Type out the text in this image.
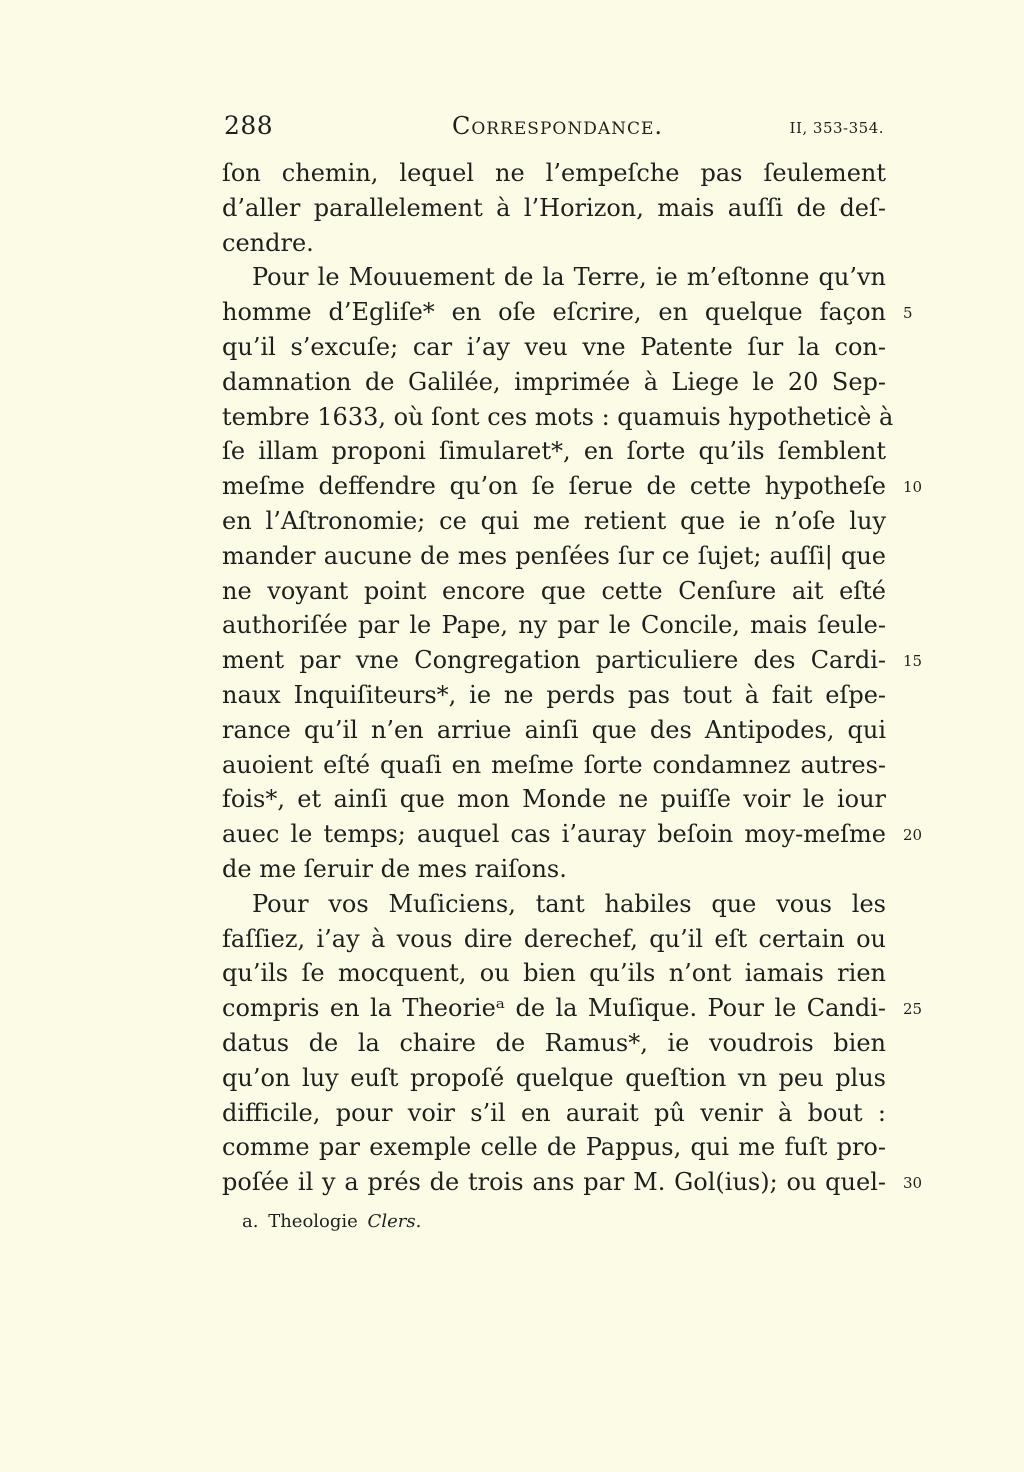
288	Correspondance.	II, 353-354.
ſon chemin, lequel ne l’empeſche pas ſeulement
d’aller parallelement à l’Horizon, mais auſſi de deſ-
cendre.
Pour le Mouuement de la Terre, ie m’eſtonne qu’vn
homme d’Egliſe* en oſe eſcrire, en quelque façon
qu’il s’excuſe; car i’ay veu vne Patente ſur la con-
damnation de Galilée, imprimée à Liege le 20 Sep-
tembre 1633, où ſont ces mots : quamuis hypotheticè à
ſe illam proponi ſimularet*, en ſorte qu’ils ſemblent
meſme deffendre qu’on ſe ſerue de cette hypotheſe
en l’Aſtronomie; ce qui me retient que ie n’oſe luy
mander aucune de mes penſées ſur ce ſujet; auſſi| que
ne voyant point encore que cette Cenſure ait eſté
authoriſée par le Pape, ny par le Concile, mais ſeule-
ment par vne Congregation particuliere des Cardi-
naux Inquiſiteurs*, ie ne perds pas tout à fait eſpe-
rance qu’il n’en arriue ainſi que des Antipodes, qui
auoient eſté quaſi en meſme ſorte condamnez autres-
fois*, et ainſi que mon Monde ne puiſſe voir le iour
auec le temps; auquel cas i’auray beſoin moy-meſme
de me ſeruir de mes raiſons.
Pour vos Muſiciens, tant habiles que vous les
faſſiez, i’ay à vous dire derechef, qu’il eſt certain ou
qu’ils ſe mocquent, ou bien qu’ils n’ont iamais rien
compris en la Theorieᵃ de la Muſique. Pour le Candi-
datus de la chaire de Ramus*, ie voudrois bien
qu’on luy euſt propoſé quelque queſtion vn peu plus
difficile, pour voir s’il en aurait pû venir à bout :
comme par exemple celle de Pappus, qui me fuſt pro-
poſée il y a prés de trois ans par M. Gol(ius); ou quel-
5
10
15
20
25
30
a. Theologie Clers.
